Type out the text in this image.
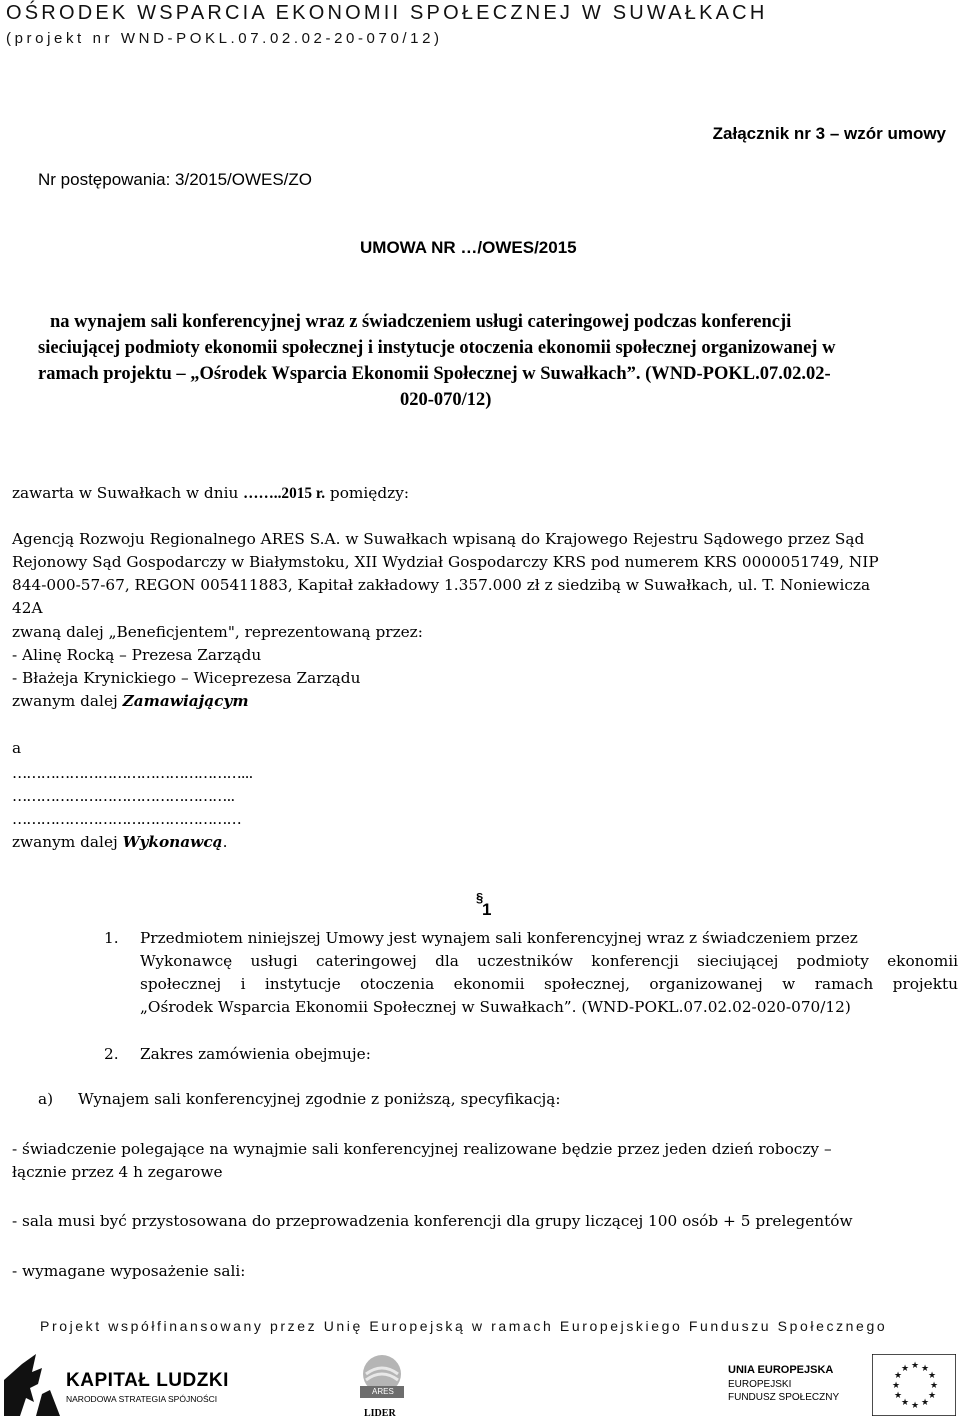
OŚRODEK WSPARCIA EKONOMII SPOŁECZNEJ W SUWAŁKACH
(projekt nr WND-POKL.07.02.02-20-070/12)
Załącznik nr 3 – wzór umowy
Nr postępowania: 3/2015/OWES/ZO
UMOWA NR …/OWES/2015
na wynajem sali konferencyjnej wraz z świadczeniem usługi cateringowej podczas konferencji
sieciującej podmioty ekonomii społecznej i instytucje otoczenia ekonomii społecznej organizowanej w
ramach projektu – „Ośrodek Wsparcia Ekonomii Społecznej w Suwałkach”. (WND-POKL.07.02.02-
020-070/12)
zawarta w Suwałkach w dniu ……..2015 r. pomiędzy:
Agencją Rozwoju Regionalnego ARES S.A. w Suwałkach wpisaną do Krajowego Rejestru Sądowego przez Sąd
Rejonowy Sąd Gospodarczy w Białymstoku, XII Wydział Gospodarczy KRS pod numerem KRS 0000051749, NIP
844-000-57-67, REGON 005411883, Kapitał zakładowy 1.357.000 zł z siedzibą w Suwałkach, ul. T. Noniewicza
42A
zwaną dalej „Beneficjentem", reprezentowaną przez:
- Alinę Rocką – Prezesa Zarządu
- Błażeja Krynickiego – Wiceprezesa Zarządu
zwanym dalej Zamawiającym
a
…………………………………………...
………………………………………..
…………………………………………
zwanym dalej Wykonawcą.
§
1
1. Przedmiotem niniejszej Umowy jest wynajem sali konferencyjnej wraz z świadczeniem przez
Wykonawcę usługi cateringowej dla uczestników konferencji sieciującej podmioty ekonomii
społecznej i instytucje otoczenia ekonomii społecznej, organizowanej w ramach projektu
„Ośrodek Wsparcia Ekonomii Społecznej w Suwałkach”. (WND-POKL.07.02.02-020-070/12)
2. Zakres zamówienia obejmuje:
a) Wynajem sali konferencyjnej zgodnie z poniższą, specyfikacją:
- świadczenie polegające na wynajmie sali konferencyjnej realizowane będzie przez jeden dzień roboczy –
łącznie przez 4 h zegarowe
- sala musi być przystosowana do przeprowadzenia konferencji dla grupy liczącej 100 osób + 5 prelegentów
- wymagane wyposażenie sali:
Projekt współfinansowany przez Unię Europejską w ramach Europejskiego Funduszu Społecznego
KAPITAŁ LUDZKI
NARODOWA STRATEGIA SPÓJNOŚCI
ARES
LIDER
UNIA EUROPEJSKA
EUROPEJSKI
FUNDUSZ SPOŁECZNY
★ ★
★
★
★
★
★
★
★
★
★
★
